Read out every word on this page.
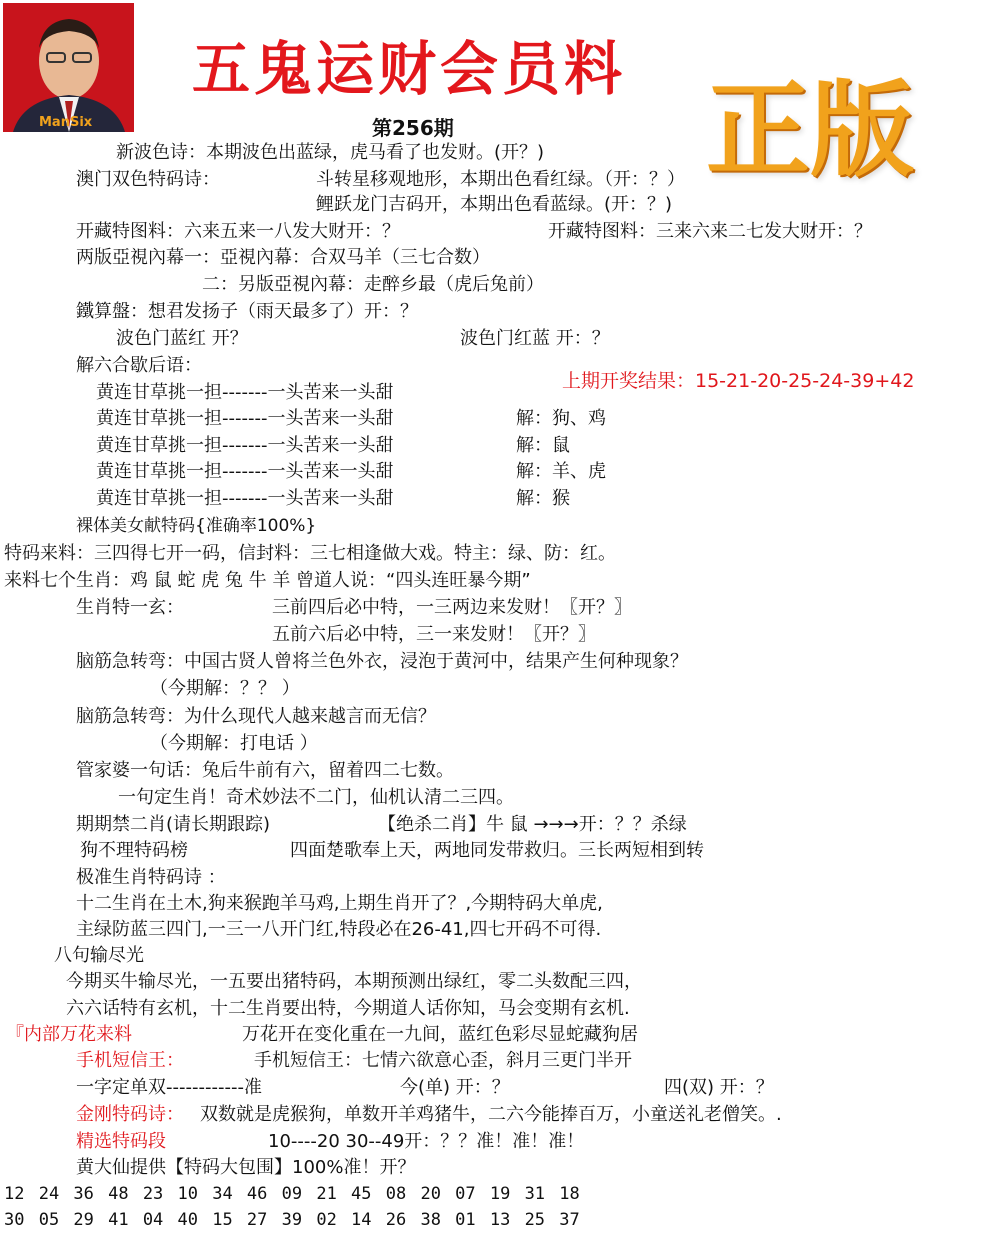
ManSix
五鬼运财会员料
第256期 正版
新波色诗：本期波色出蓝绿，虎马看了也发财。(开？)
澳门双色特码诗：	斗转星移观地形，本期出色看红绿。（开：？）
鲤跃龙门吉码开，本期出色看蓝绿。(开：？)
开藏特图料：六来五来一八发大财开：？	开藏特图料：三来六来二七发大财开：？
两版亞視內幕一：亞視內幕：合双马羊（三七合数）
二：另版亞視內幕：走醉乡最（虎后兔前）
鐵算盤：想君发扬子（雨天最多了）开：？
波色门蓝红 开？	波色门红蓝 开：？
解六合歇后语：
上期开奖结果：15-21-20-25-24-39+42
黄连甘草挑一担-------一头苦来一头甜
黄连甘草挑一担-------一头苦来一头甜	解：狗、鸡
黄连甘草挑一担-------一头苦来一头甜	解：鼠
黄连甘草挑一担-------一头苦来一头甜	解：羊、虎
黄连甘草挑一担-------一头苦来一头甜	解：猴
裸体美女献特码{准确率100%}
特码来料：三四得七开一码，信封料：三七相逢做大戏。特主：绿、防：红。
来料七个生肖：鸡 鼠 蛇 虎 兔 牛 羊 曾道人说：“四头连旺暴今期”
生肖特一玄：	三前四后必中特，一三两边来发财！〖开？〗
五前六后必中特，三一来发财！〖开？〗
脑筋急转弯：中国古贤人曾将兰色外衣，浸泡于黄河中，结果产生何种现象？
（今期解：？？ ）
脑筋急转弯：为什么现代人越来越言而无信？
（今期解：打电话 ）
管家婆一句话：兔后牛前有六，留着四二七数。
一句定生肖！奇术妙法不二门，仙机认清二三四。
期期禁二肖(请长期跟踪)	【绝杀二肖】牛 鼠 →→→开：？？杀绿
狗不理特码榜	四面楚歌奉上天，两地同发带救归。三长两短相到转
极准生肖特码诗 ：
十二生肖在土木,狗来猴跑羊马鸡,上期生肖开了？,今期特码大单虎,
主绿防蓝三四门,一三一八开门红,特段必在26-41,四七开码不可得.
八句输尽光
今期买牛输尽光，一五要出猪特码，本期预测出绿红，零二头数配三四，
六六话特有玄机，十二生肖要出特，今期道人话你知，马会变期有玄机.
『内部万花来料	万花开在变化重在一九间，蓝红色彩尽显蛇藏狗居
手机短信王：	手机短信王：七情六欲意心歪，斜月三更门半开
一字定单双------------准	今(单) 开：？	四(双) 开：？
金刚特码诗： 双数就是虎猴狗，单数开羊鸡猪牛，二六今能捧百万，小童送礼老僧笑。.
精选特码段	10----20 30--49开：？？准！准！准！
黄大仙提供【特码大包围】100%准！开？
12 24 36 48 23 10 34 46 09 21 45 08 20 07 19 31 18
30 05 29 41 04 40 15 27 39 02 14 26 38 01 13 25 37
